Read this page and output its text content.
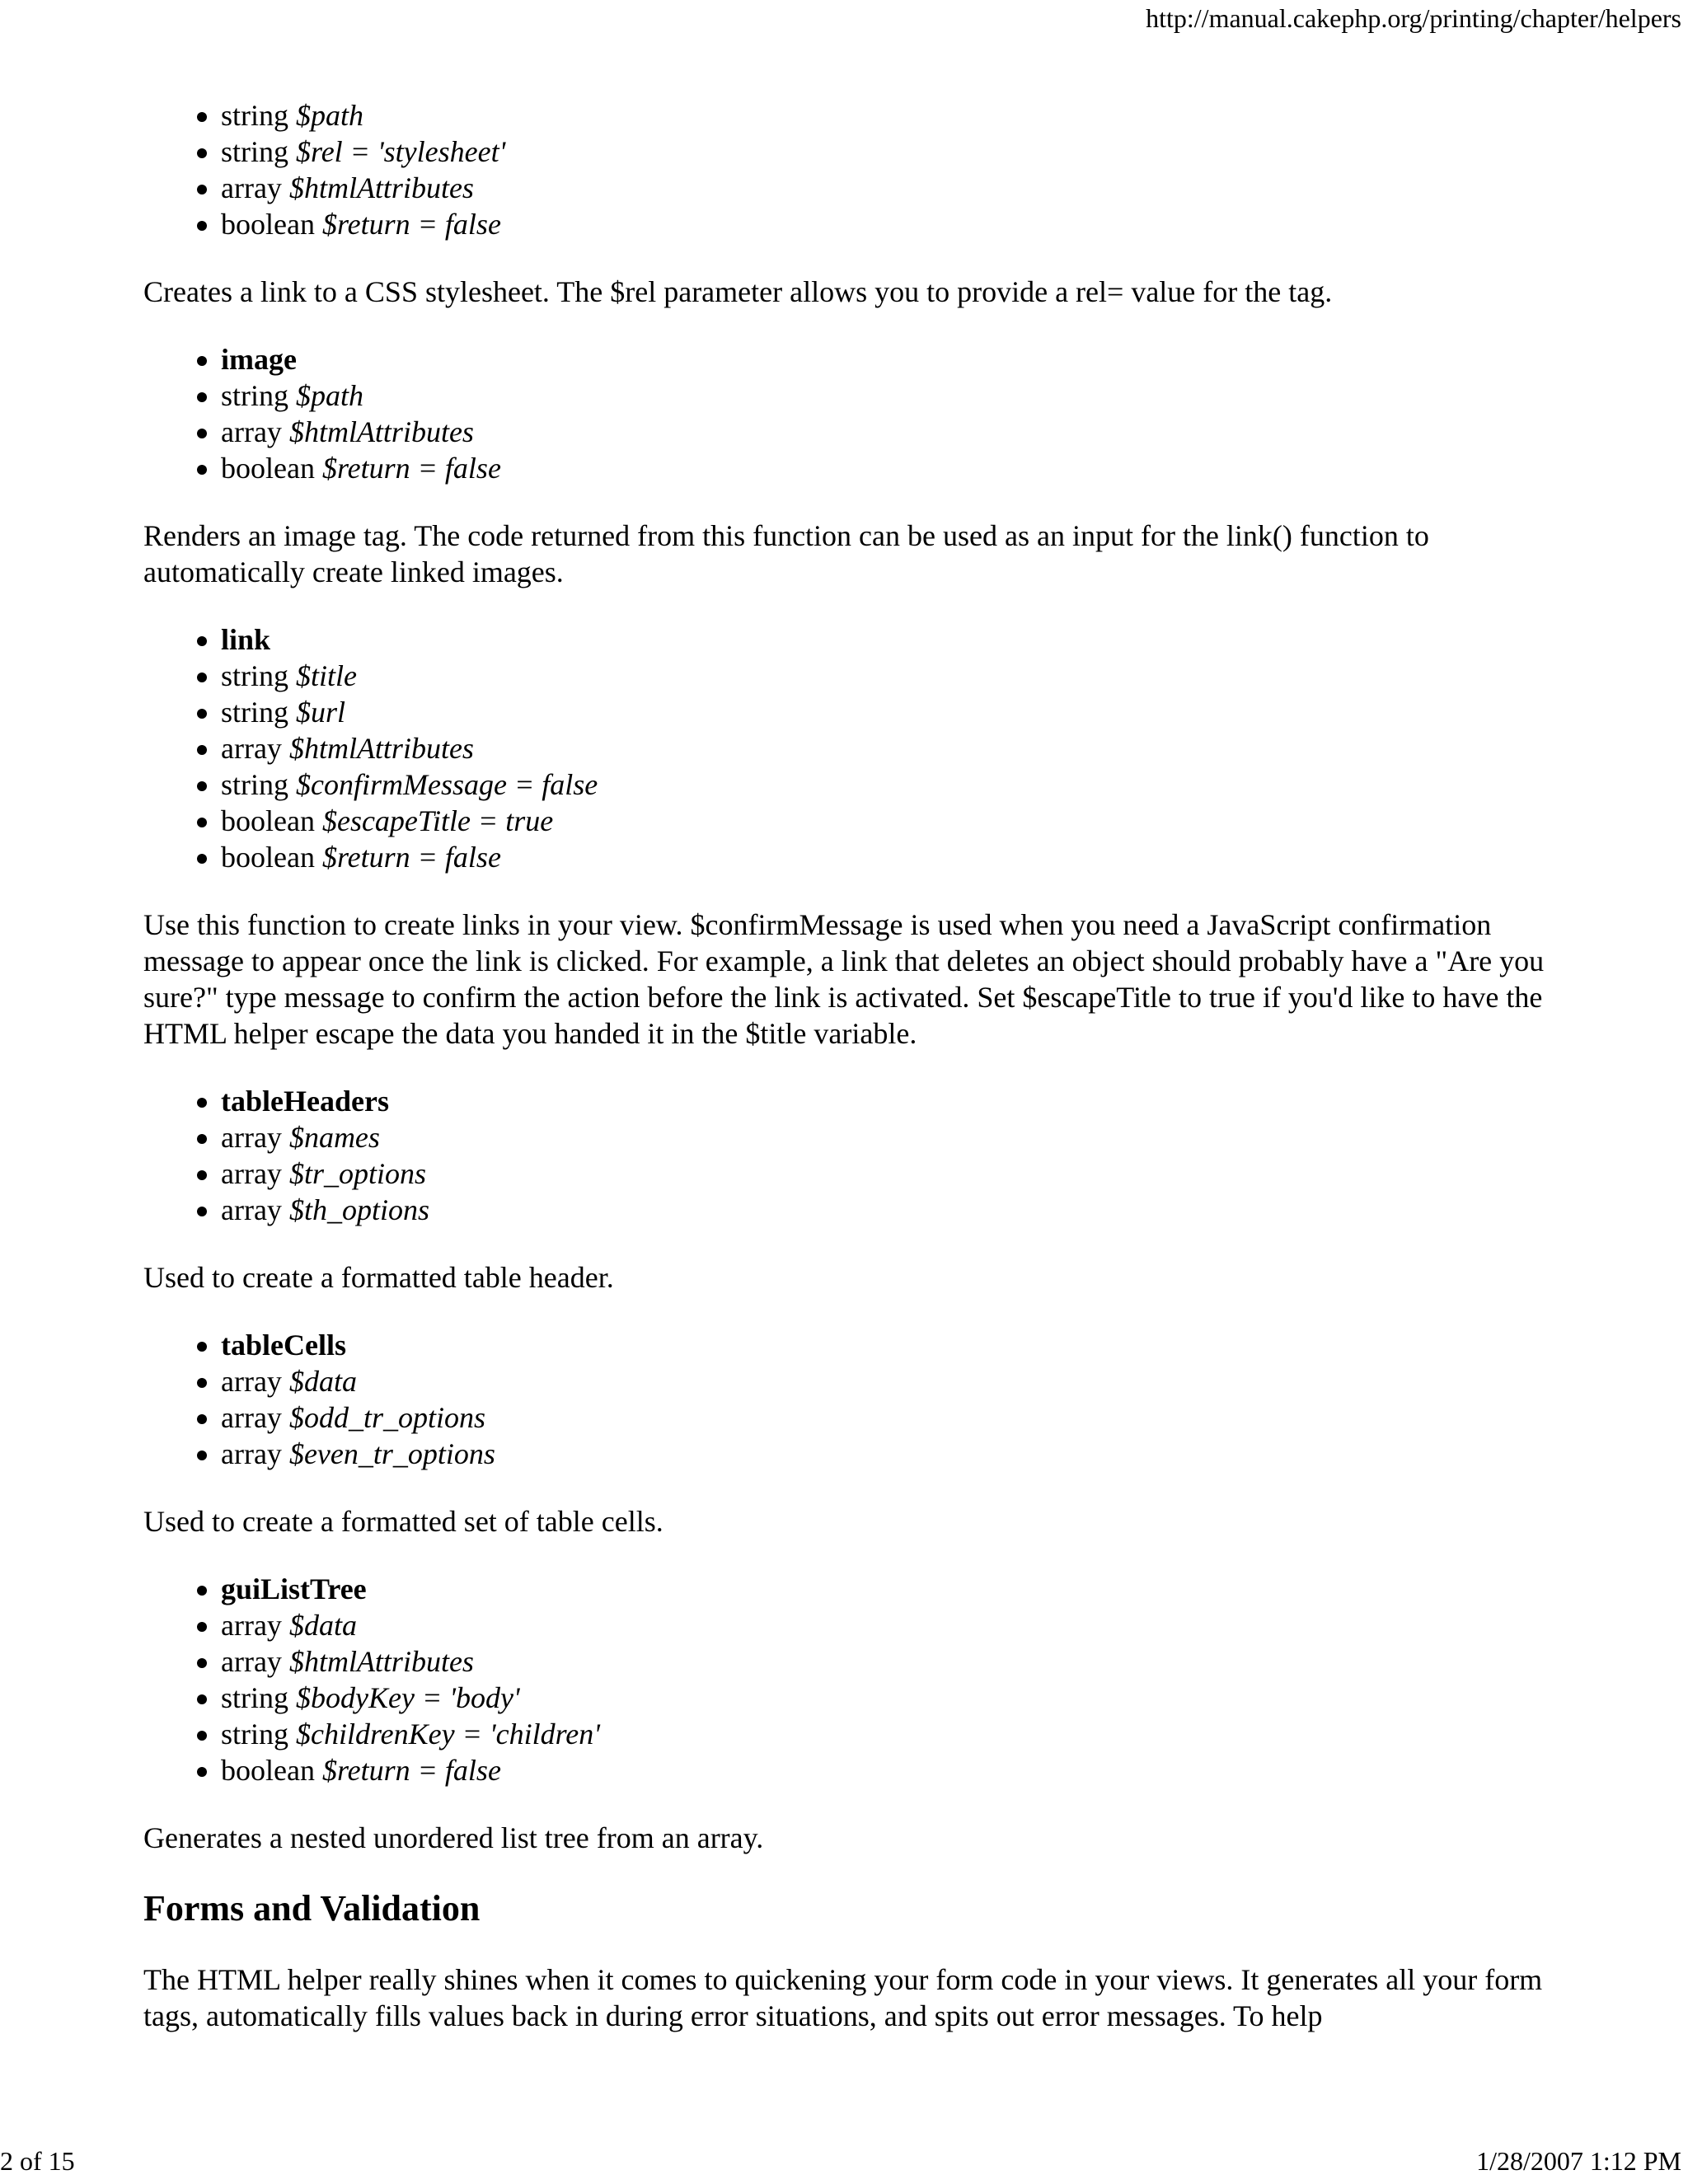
http://manual.cakephp.org/printing/chapter/helpers
string $path
string $rel = 'stylesheet'
array $htmlAttributes
boolean $return = false

Creates a link to a CSS stylesheet. The $rel parameter allows you to provide a rel= value for the tag.

image
string $path
array $htmlAttributes
boolean $return = false

Renders an image tag. The code returned from this function can be used as an input for the link() function to automatically create linked images.

link
string $title
string $url
array $htmlAttributes
string $confirmMessage = false
boolean $escapeTitle = true
boolean $return = false

Use this function to create links in your view. $confirmMessage is used when you need a JavaScript confirmation message to appear once the link is clicked. For example, a link that deletes an object should probably have a "Are you sure?" type message to confirm the action before the link is activated. Set $escapeTitle to true if you'd like to have the HTML helper escape the data you handed it in the $title variable.

tableHeaders
array $names
array $tr_options
array $th_options

Used to create a formatted table header.

tableCells
array $data
array $odd_tr_options
array $even_tr_options

Used to create a formatted set of table cells.

guiListTree
array $data
array $htmlAttributes
string $bodyKey = 'body'
string $childrenKey = 'children'
boolean $return = false

Generates a nested unordered list tree from an array.

Forms and Validation

The HTML helper really shines when it comes to quickening your form code in your views. It generates all your form tags, automatically fills values back in during error situations, and spits out error messages. To help

2 of 15	1/28/2007 1:12 PM
